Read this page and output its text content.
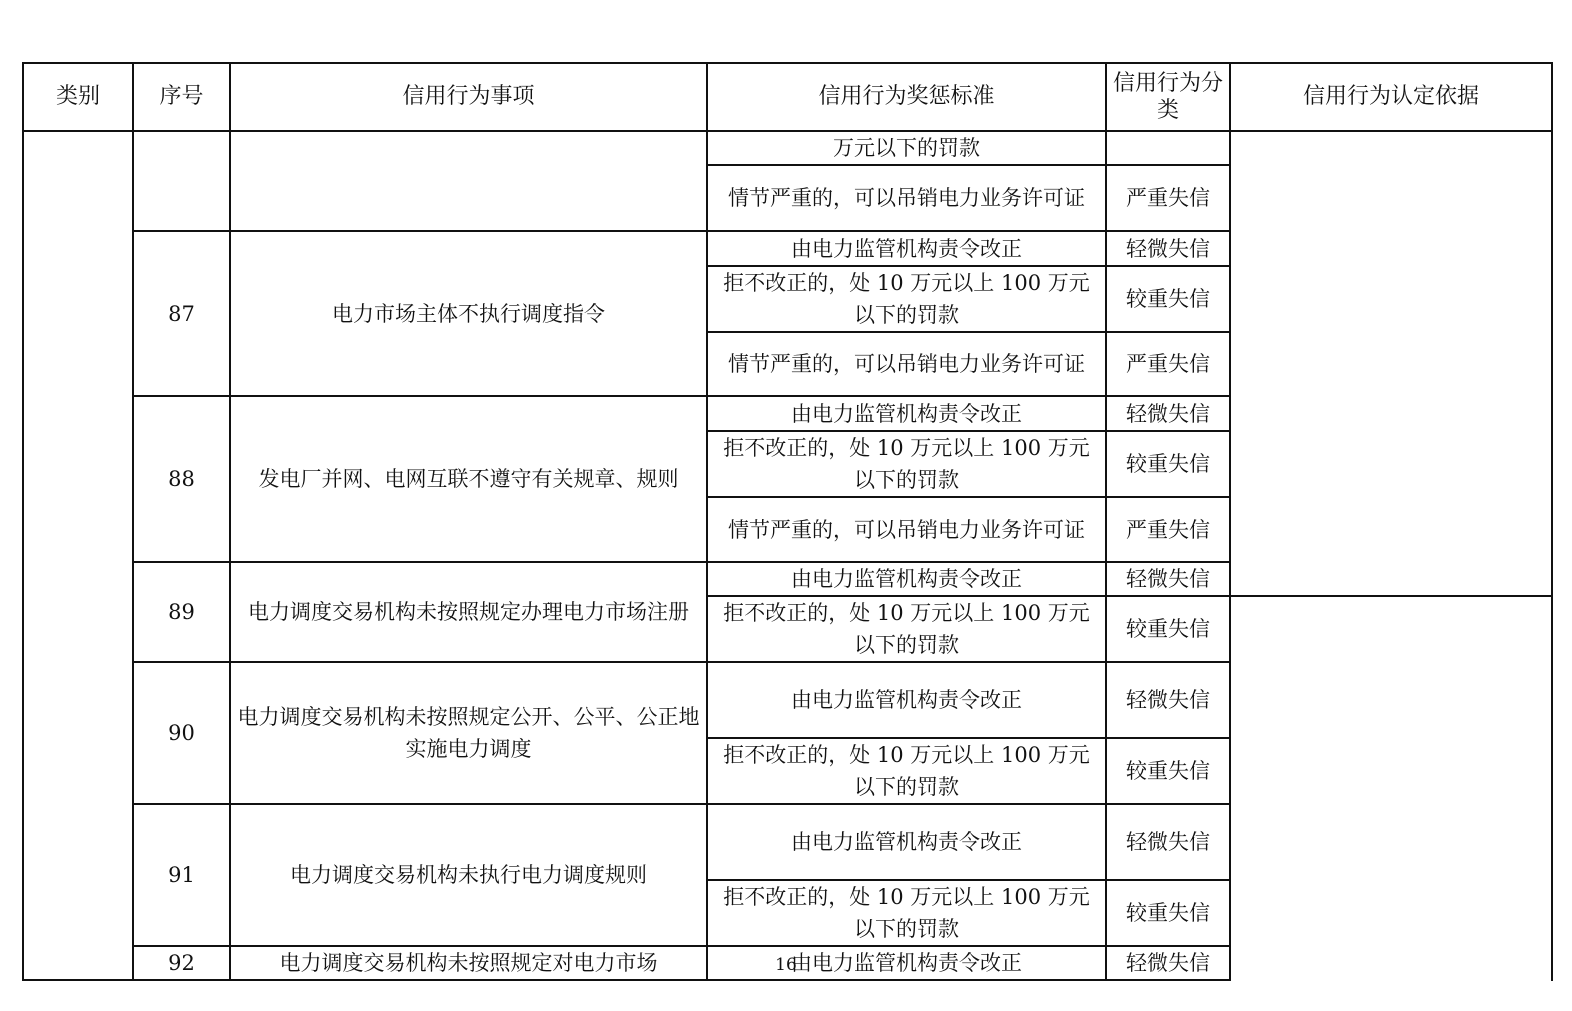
类别	序号	信用行为事项	信用行为奖惩标准	信用行为分类	信用行为认定依据	
			万元以下的罚款			
			情节严重的，可以吊销电力业务许可证	严重失信		
	87	电力市场主体不执行调度指令	由电力监管机构责令改正	轻微失信		
			拒不改正的，处 10 万元以上 100 万元以下的罚款	较重失信		
			情节严重的，可以吊销电力业务许可证	严重失信		
	88	发电厂并网、电网互联不遵守有关规章、规则	由电力监管机构责令改正	轻微失信		
			拒不改正的，处 10 万元以上 100 万元以下的罚款	较重失信		
			情节严重的，可以吊销电力业务许可证	严重失信		
	89	电力调度交易机构未按照规定办理电力市场注册	由电力监管机构责令改正	轻微失信	
			拒不改正的，处 10 万元以上 100 万元以下的罚款	较重失信		
	90	电力调度交易机构未按照规定公开、公平、公正地实施电力调度	由电力监管机构责令改正	轻微失信		
			拒不改正的，处 10 万元以上 100 万元以下的罚款	较重失信		
	91	电力调度交易机构未执行电力调度规则	由电力监管机构责令改正	轻微失信		
			拒不改正的，处 10 万元以上 100 万元以下的罚款	较重失信		
	92	电力调度交易机构未按照规定对电力市场	由电力监管机构责令改正	轻微失信		
16
